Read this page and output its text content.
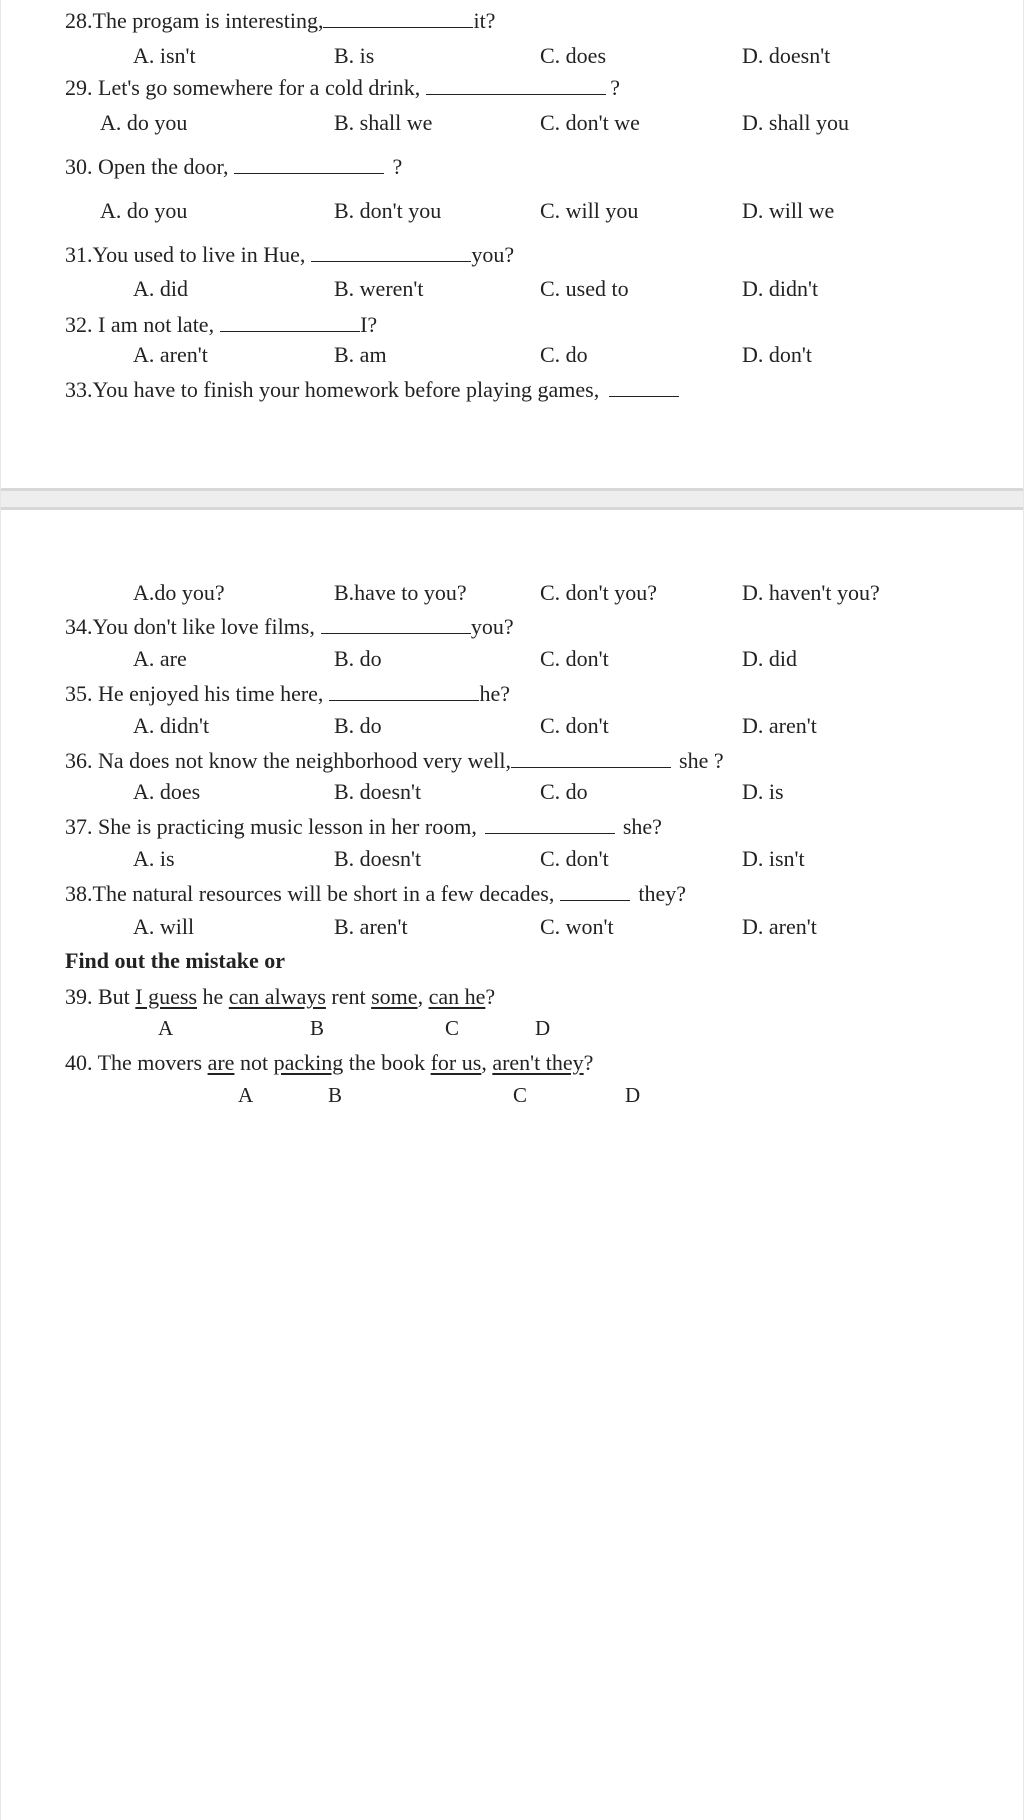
28.The progam is interesting,	it?
A. isn't	B. is	C. does	D. doesn't
29. Let's go somewhere for a cold drink,	?
A. do you	B. shall we	C. don't we	D. shall you
30. Open the door,	?
A. do you	B. don't you	C. will you	D. will we
31.You used to live in Hue,	you?
A. did	B. weren't	C. used to	D. didn't
32. I am not late,	I?
A. aren't	B. am	C. do	D. don't
33.You have to finish your homework before playing games,
A.do you?	B.have to you?	C. don't you?	D. haven't you?
34.You don't like love films,	you?
A. are	B. do	C. don't	D. did
35. He enjoyed his time here,	he?
A. didn't	B. do	C. don't	D. aren't
36. Na does not know the neighborhood very well,	she ?
A. does	B. doesn't	C. do	D. is
37. She is practicing music lesson in her room,	she?
A. is	B. doesn't	C. don't	D. isn't
38.The natural resources will be short in a few decades,	they?
A. will	B. aren't	C. won't	D. aren't
Find out the mistake or
39. But I guess he can always rent some, can he?
A	B	C	D
40. The movers are not packing the book for us, aren't they?
A	B	C	D
